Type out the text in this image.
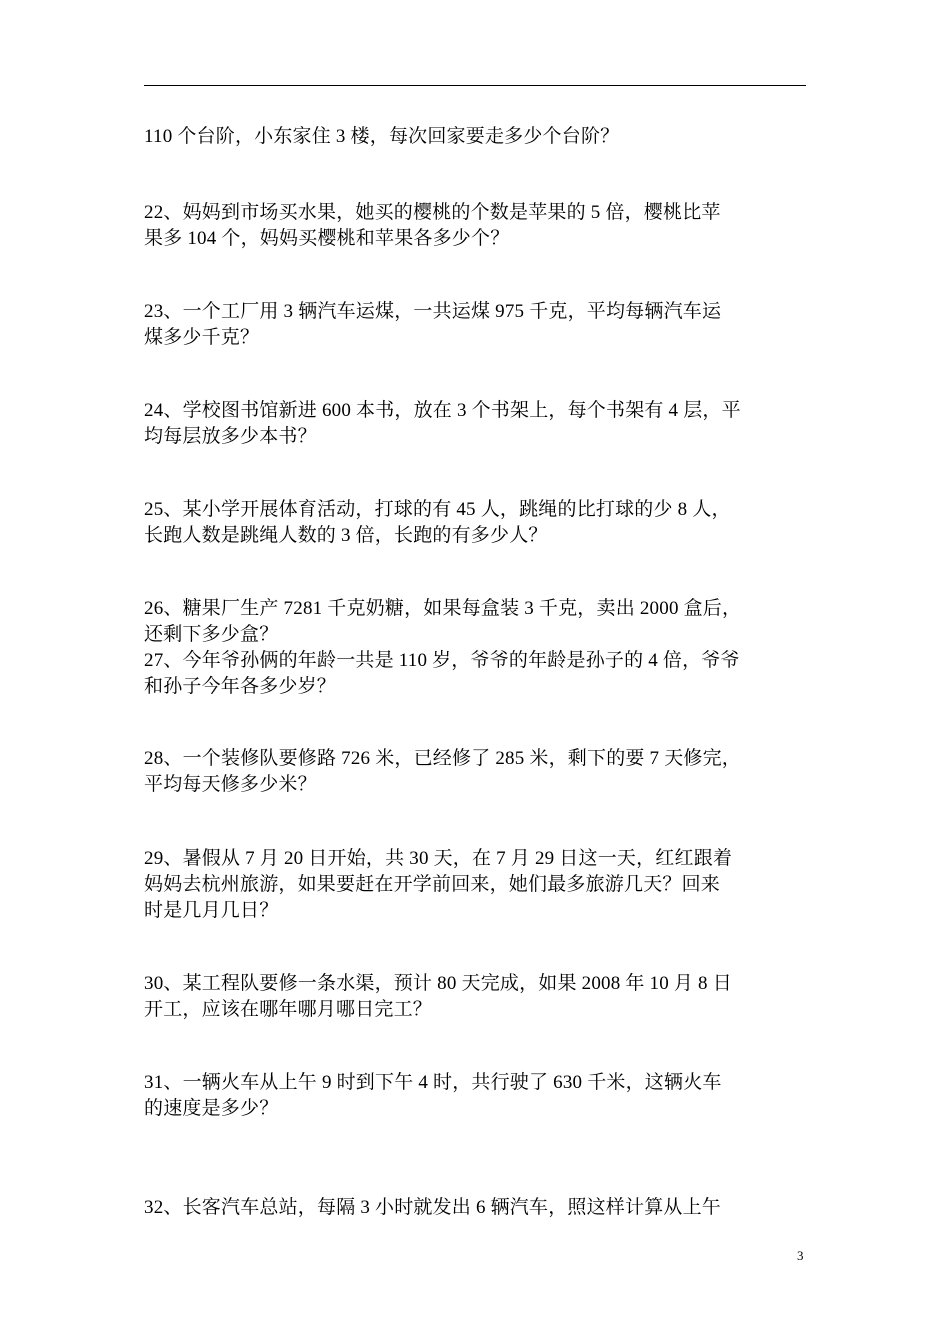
110 个台阶，小东家住 3 楼，每次回家要走多少个台阶？
22、妈妈到市场买水果，她买的樱桃的个数是苹果的 5 倍，樱桃比苹
果多 104 个，妈妈买樱桃和苹果各多少个？
23、一个工厂用 3 辆汽车运煤，一共运煤 975 千克，平均每辆汽车运
煤多少千克？
24、学校图书馆新进 600 本书，放在 3 个书架上，每个书架有 4 层，平
均每层放多少本书？
25、某小学开展体育活动，打球的有 45 人，跳绳的比打球的少 8 人，
长跑人数是跳绳人数的 3 倍，长跑的有多少人？
26、糖果厂生产 7281 千克奶糖，如果每盒装 3 千克，卖出 2000 盒后，
还剩下多少盒？
27、今年爷孙俩的年龄一共是 110 岁，爷爷的年龄是孙子的 4 倍，爷爷
和孙子今年各多少岁？
28、一个装修队要修路 726 米，已经修了 285 米，剩下的要 7 天修完，
平均每天修多少米？
29、暑假从 7 月 20 日开始，共 30 天，在 7 月 29 日这一天，红红跟着
妈妈去杭州旅游，如果要赶在开学前回来，她们最多旅游几天？回来
时是几月几日？
30、某工程队要修一条水渠，预计 80 天完成，如果 2008 年 10 月 8 日
开工，应该在哪年哪月哪日完工？
31、一辆火车从上午 9 时到下午 4 时，共行驶了 630 千米，这辆火车
的速度是多少？
32、长客汽车总站，每隔 3 小时就发出 6 辆汽车，照这样计算从上午
3
